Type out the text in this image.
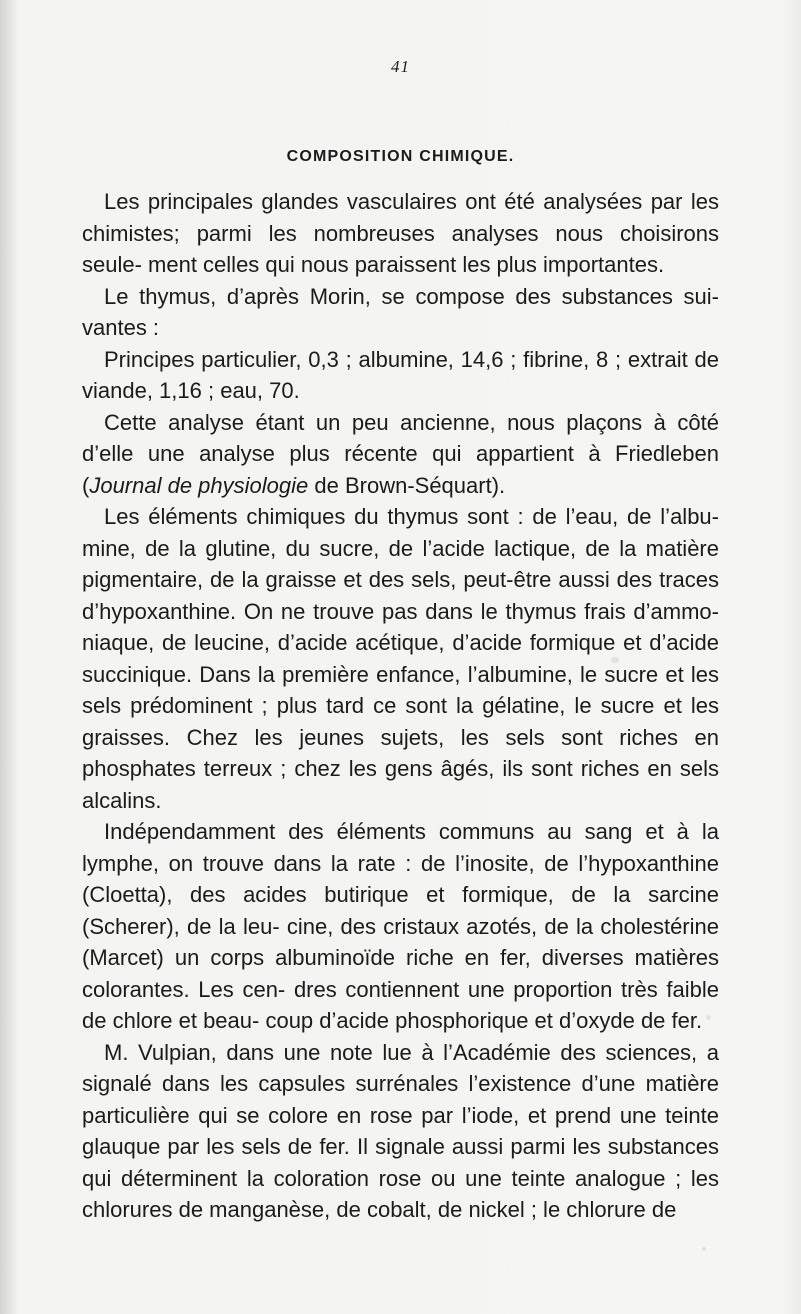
41
COMPOSITION CHIMIQUE.

Les principales glandes vasculaires ont été analysées par les chimistes; parmi les nombreuses analyses nous choisirons seule- ment celles qui nous paraissent les plus importantes.

Le thymus, d’après Morin, se compose des substances sui- vantes :

Principes particulier, 0,3 ; albumine, 14,6 ; fibrine, 8 ; extrait de viande, 1,16 ; eau, 70.

Cette analyse étant un peu ancienne, nous plaçons à côté d’elle une analyse plus récente qui appartient à Friedleben (Journal de physiologie de Brown-Séquart).

Les éléments chimiques du thymus sont : de l’eau, de l’albu- mine, de la glutine, du sucre, de l’acide lactique, de la matière pigmentaire, de la graisse et des sels, peut-être aussi des traces d’hypoxanthine. On ne trouve pas dans le thymus frais d’ammo- niaque, de leucine, d’acide acétique, d’acide formique et d’acide succinique. Dans la première enfance, l’albumine, le sucre et les sels prédominent ; plus tard ce sont la gélatine, le sucre et les graisses. Chez les jeunes sujets, les sels sont riches en phosphates terreux ; chez les gens âgés, ils sont riches en sels alcalins.

Indépendamment des éléments communs au sang et à la lymphe, on trouve dans la rate : de l’inosite, de l’hypoxanthine (Cloetta), des acides butirique et formique, de la sarcine (Scherer), de la leu- cine, des cristaux azotés, de la cholestérine (Marcet) un corps albuminoïde riche en fer, diverses matières colorantes. Les cen- dres contiennent une proportion très faible de chlore et beau- coup d’acide phosphorique et d’oxyde de fer.

M. Vulpian, dans une note lue à l’Académie des sciences, a signalé dans les capsules surrénales l’existence d’une matière particulière qui se colore en rose par l’iode, et prend une teinte glauque par les sels de fer. Il signale aussi parmi les substances qui déterminent la coloration rose ou une teinte analogue ; les chlorures de manganèse, de cobalt, de nickel ; le chlorure de
